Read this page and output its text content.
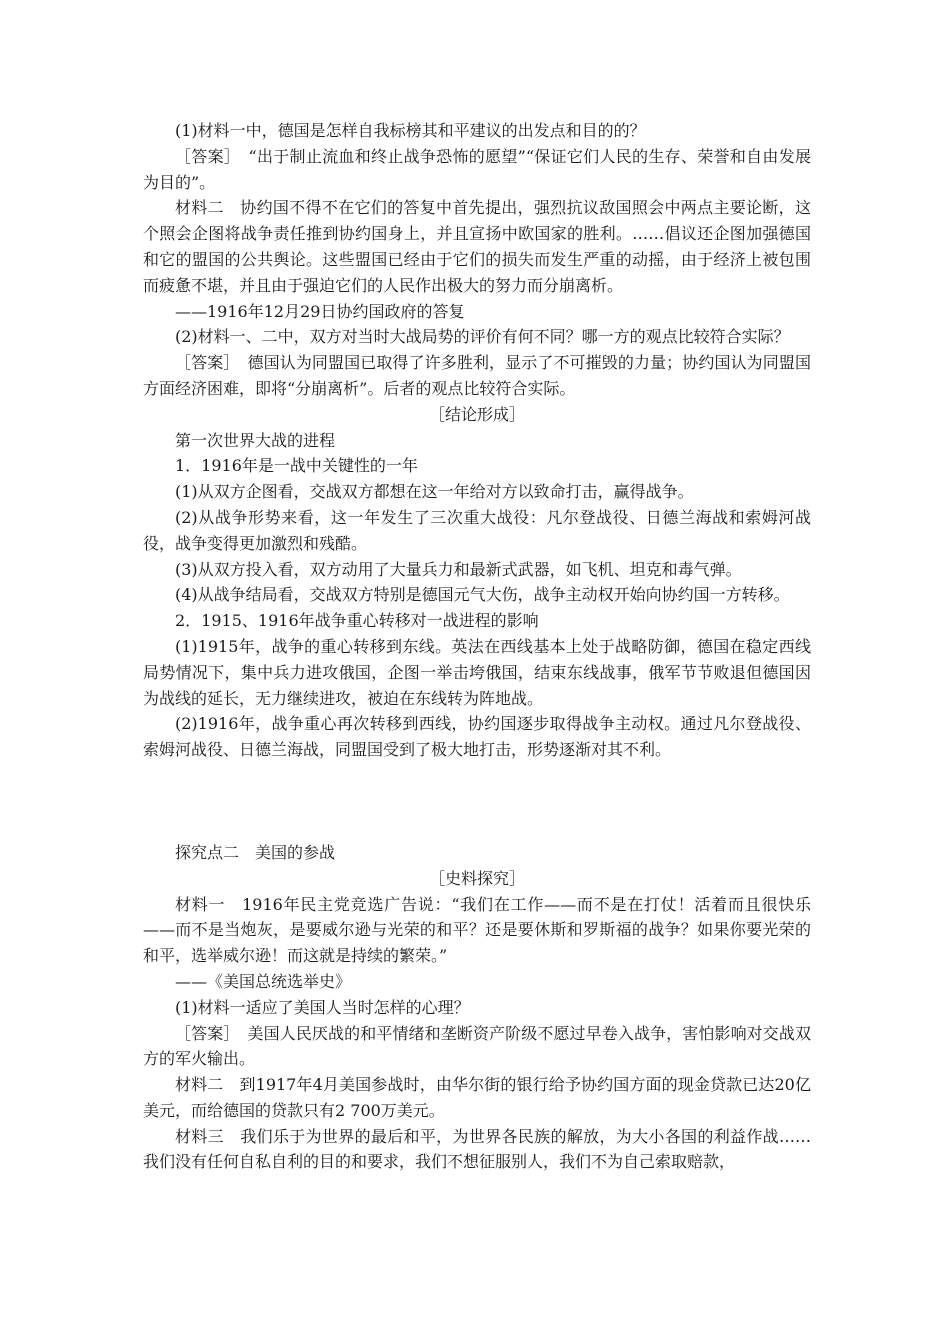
(1)材料一中，德国是怎样自我标榜其和平建议的出发点和目的的？

［答案］　“出于制止流血和终止战争恐怖的愿望”“保证它们人民的生存、荣誉和自由发展为目的”。

材料二　协约国不得不在它们的答复中首先提出，强烈抗议敌国照会中两点主要论断，这个照会企图将战争责任推到协约国身上，并且宣扬中欧国家的胜利。……倡议还企图加强德国和它的盟国的公共舆论。这些盟国已经由于它们的损失而发生严重的动摇，由于经济上被包围而疲惫不堪，并且由于强迫它们的人民作出极大的努力而分崩离析。

——1916年12月29日协约国政府的答复

(2)材料一、二中，双方对当时大战局势的评价有何不同？哪一方的观点比较符合实际？

［答案］　德国认为同盟国已取得了许多胜利，显示了不可摧毁的力量；协约国认为同盟国方面经济困难，即将“分崩离析”。后者的观点比较符合实际。

［结论形成］

第一次世界大战的进程

1．1916年是一战中关键性的一年

(1)从双方企图看，交战双方都想在这一年给对方以致命打击，赢得战争。

(2)从战争形势来看，这一年发生了三次重大战役：凡尔登战役、日德兰海战和索姆河战役，战争变得更加激烈和残酷。

(3)从双方投入看，双方动用了大量兵力和最新式武器，如飞机、坦克和毒气弹。

(4)从战争结局看，交战双方特别是德国元气大伤，战争主动权开始向协约国一方转移。

2．1915、1916年战争重心转移对一战进程的影响

(1)1915年，战争的重心转移到东线。英法在西线基本上处于战略防御，德国在稳定西线局势情况下，集中兵力进攻俄国，企图一举击垮俄国，结束东线战事，俄军节节败退但德国因为战线的延长，无力继续进攻，被迫在东线转为阵地战。

(2)1916年，战争重心再次转移到西线，协约国逐步取得战争主动权。通过凡尔登战役、索姆河战役、日德兰海战，同盟国受到了极大地打击，形势逐渐对其不利。

探究点二　美国的参战

［史料探究］

材料一　1916年民主党竞选广告说：“我们在工作——而不是在打仗！活着而且很快乐——而不是当炮灰，是要威尔逊与光荣的和平？还是要休斯和罗斯福的战争？如果你要光荣的和平，选举威尔逊！而这就是持续的繁荣。”

——《美国总统选举史》

(1)材料一适应了美国人当时怎样的心理？

［答案］　美国人民厌战的和平情绪和垄断资产阶级不愿过早卷入战争，害怕影响对交战双方的军火输出。

材料二　到1917年4月美国参战时，由华尔街的银行给予协约国方面的现金贷款已达20亿美元，而给德国的贷款只有2 700万美元。

材料三　我们乐于为世界的最后和平，为世界各民族的解放，为大小各国的利益作战……我们没有任何自私自利的目的和要求，我们不想征服别人，我们不为自己索取赔款，
